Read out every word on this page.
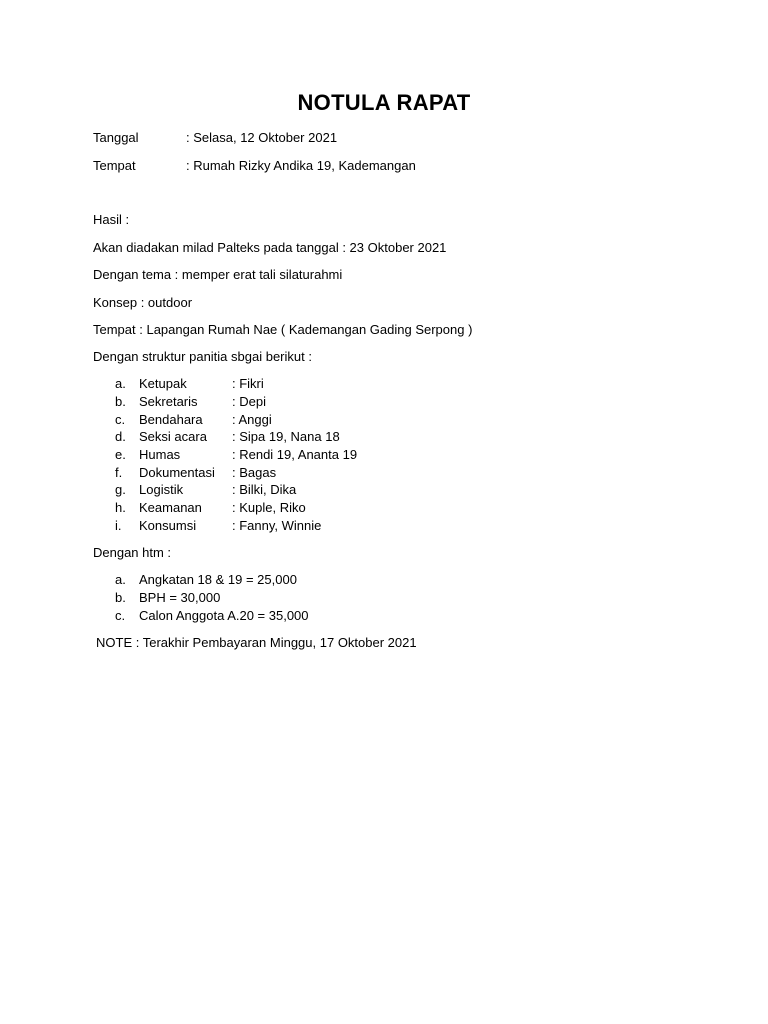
NOTULA RAPAT
Tanggal	: Selasa, 12 Oktober 2021
Tempat	: Rumah Rizky Andika 19, Kademangan
Hasil :
Akan diadakan milad Palteks pada tanggal : 23 Oktober 2021
Dengan tema : memper erat tali silaturahmi
Konsep : outdoor
Tempat : Lapangan Rumah Nae ( Kademangan Gading Serpong )
Dengan struktur panitia sbgai berikut :
a. Ketupak	: Fikri
b. Sekretaris	: Depi
c. Bendahara : Anggi
d. Seksi acara : Sipa 19, Nana 18
e. Humas	: Rendi 19, Ananta 19
f. Dokumentasi : Bagas
g. Logistik	: Bilki, Dika
h. Keamanan : Kuple, Riko
i. Konsumsi	: Fanny, Winnie
Dengan htm :
a. Angkatan 18 & 19 = 25,000
b. BPH = 30,000
c. Calon Anggota A.20 = 35,000
NOTE : Terakhir Pembayaran Minggu, 17 Oktober 2021
